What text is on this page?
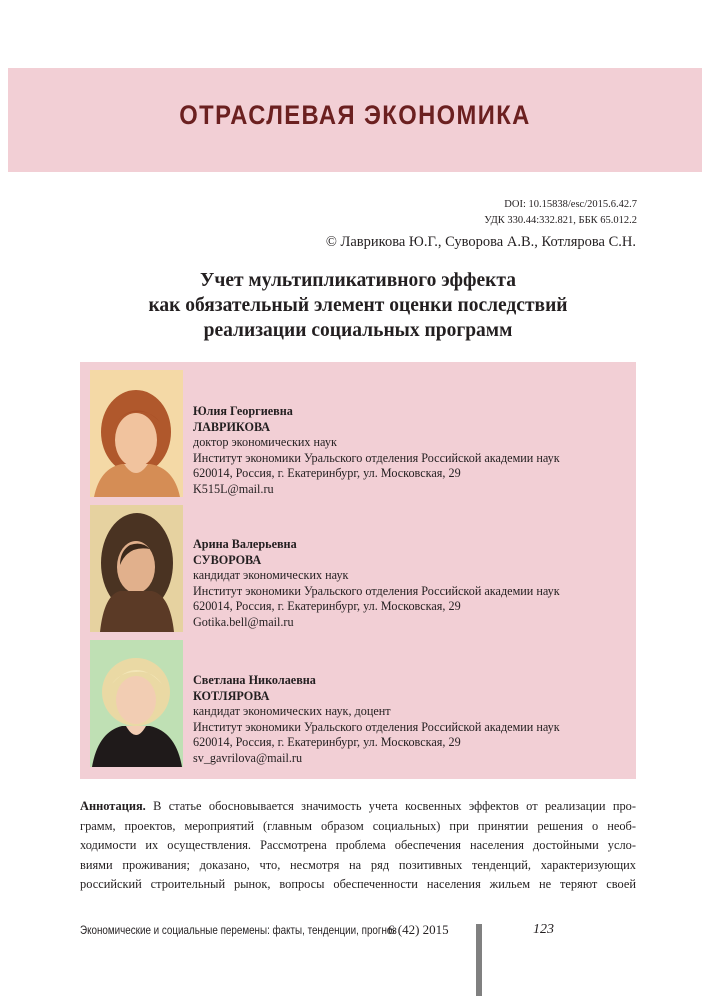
ОТРАСЛЕВАЯ ЭКОНОМИКА
DOI: 10.15838/esc/2015.6.42.7
УДК 330.44:332.821, ББК 65.012.2
© Лаврикова Ю.Г., Суворова А.В., Котлярова С.Н.
Учет мультипликативного эффекта
как обязательный элемент оценки последствий
реализации социальных программ
Юлия Георгиевна
ЛАВРИКОВА
доктор экономических наук
Институт экономики Уральского отделения Российской академии наук
620014, Россия, г. Екатеринбург, ул. Московская, 29
K515L@mail.ru
Арина Валерьевна
СУВОРОВА
кандидат экономических наук
Институт экономики Уральского отделения Российской академии наук
620014, Россия, г. Екатеринбург, ул. Московская, 29
Gotika.bell@mail.ru
Светлана Николаевна
КОТЛЯРОВА
кандидат экономических наук, доцент
Институт экономики Уральского отделения Российской академии наук
620014, Россия, г. Екатеринбург, ул. Московская, 29
sv_gavrilova@mail.ru
Аннотация. В статье обосновывается значимость учета косвенных эффектов от реализации про-
грамм, проектов, мероприятий (главным образом социальных) при принятии решения о необ-
ходимости их осуществления. Рассмотрена проблема обеспечения населения достойными усло-
виями проживания; доказано, что, несмотря на ряд позитивных тенденций, характеризующих
российский строительный рынок, вопросы обеспеченности населения жильем не теряют своей
Экономические и социальные перемены: факты, тенденции, прогноз
6 (42) 2015	123
